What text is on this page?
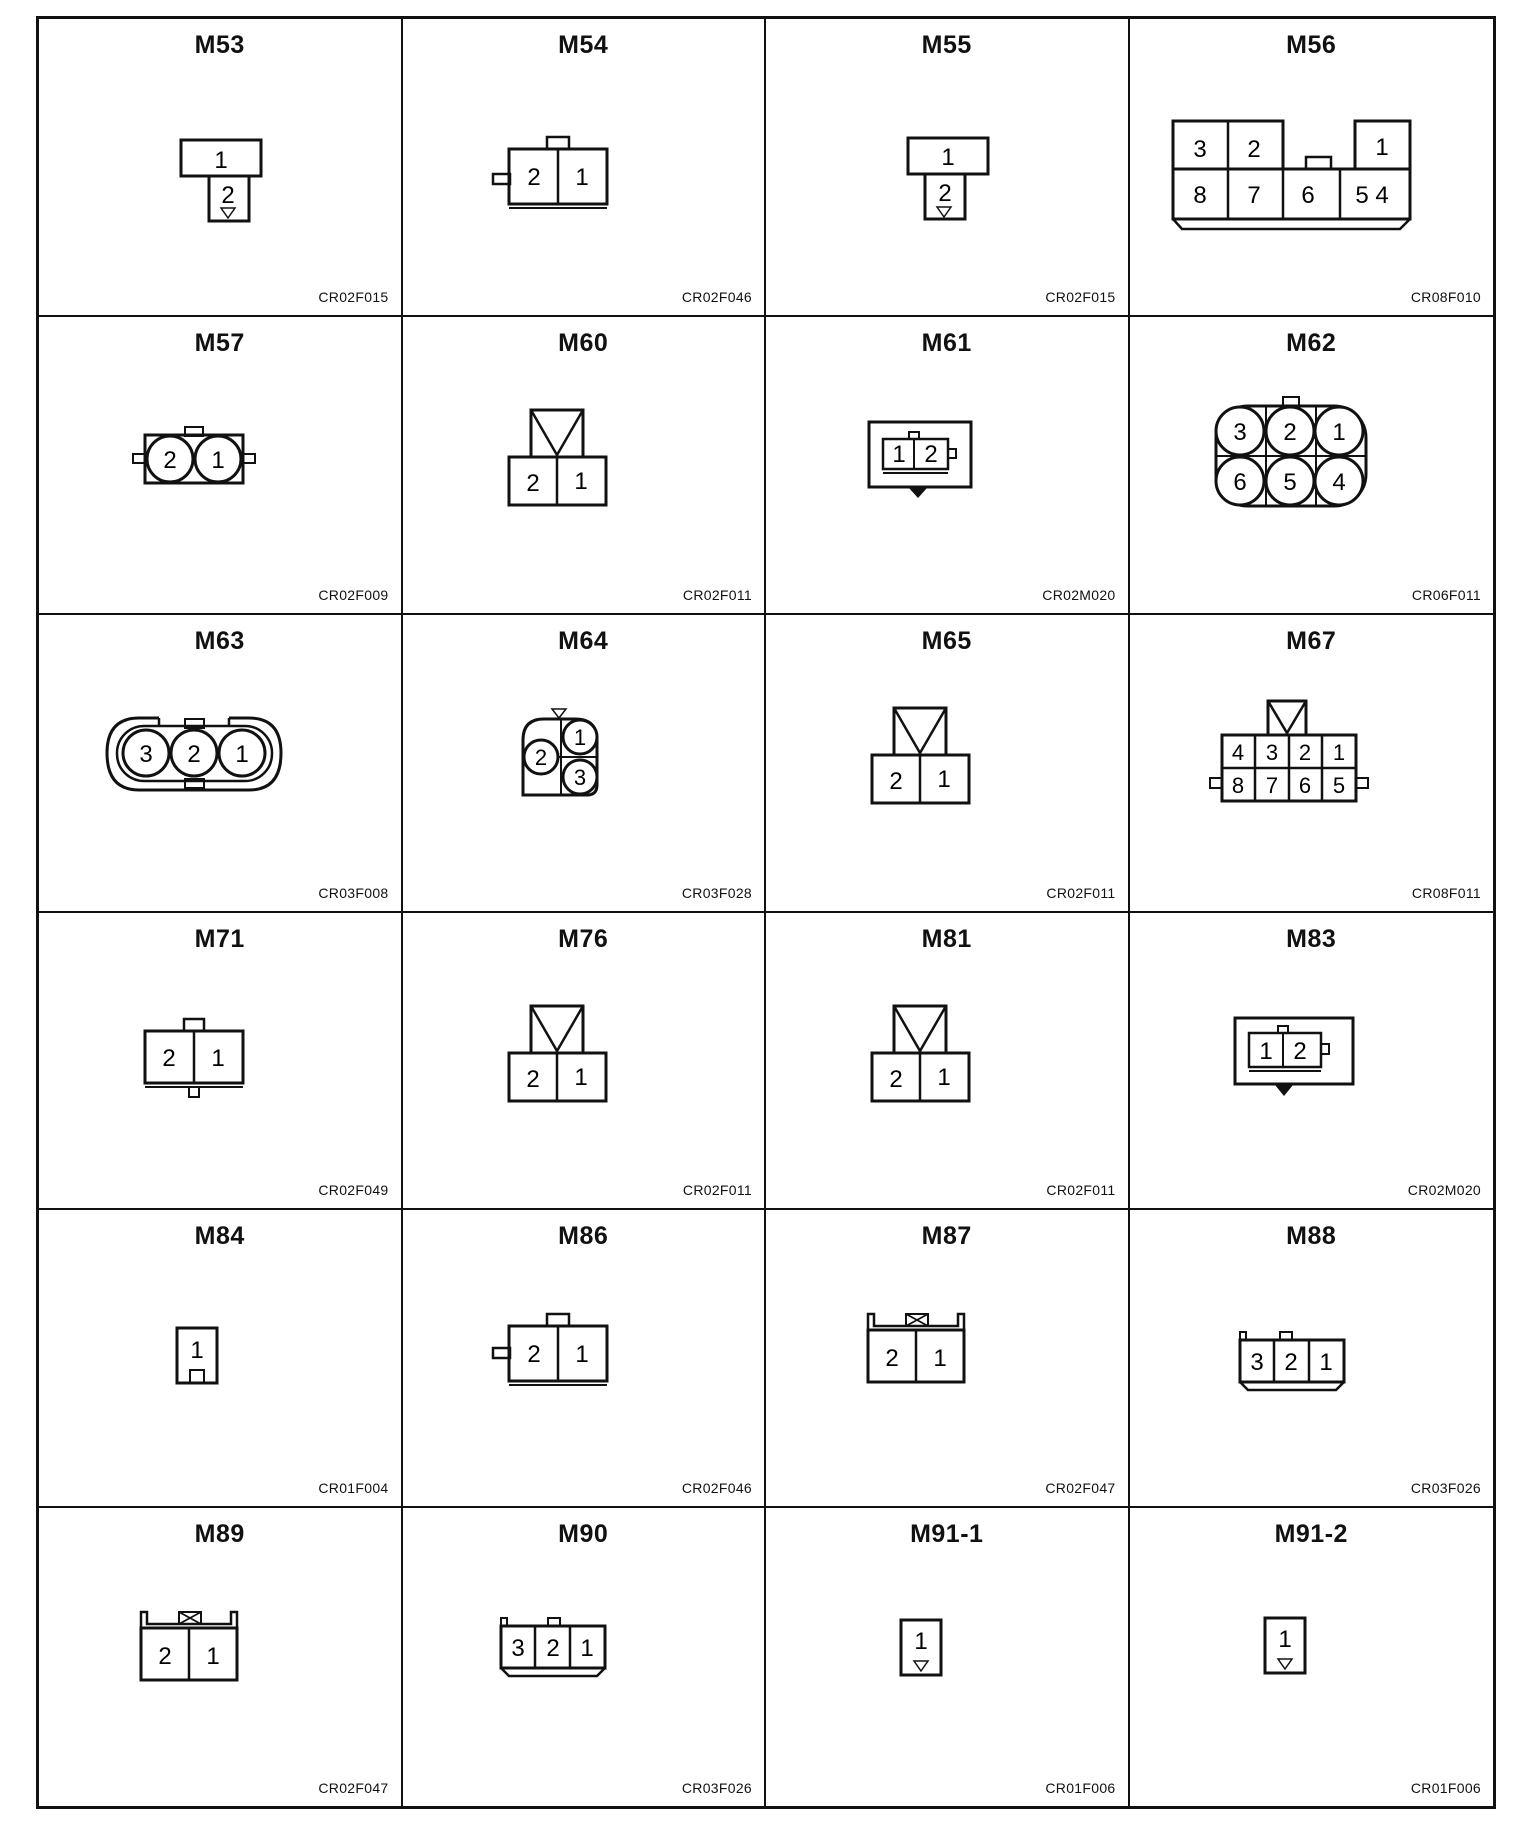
M53
1
2
CR02F015
M54
2 1
CR02F046
M55
1
2
CR02F015
M56
3 2	1
8 7 6 5 4
CR08F010
M57
2 1
CR02F009
M60
2 1
CR02F011
M61
1 2
CR02M020
M62
3 2 1
6 5 4
CR06F011
M63
3 2 1
CR03F008
M64
1
2
3
CR03F028
M65
2 1
CR02F011
M67
4 3 2 1
8 7 6 5
CR08F011
M71
2 1
CR02F049
M76
2 1
CR02F011
M81
2 1
CR02F011
M83
1 2
CR02M020
M84
1
CR01F004
M86
2 1
CR02F046
M87
2 1
CR02F047
M88
3 2 1
CR03F026
M89
2 1
CR02F047
M90
3 2 1
CR03F026
M91-1
1
CR01F006
M91-2
1
CR01F006
